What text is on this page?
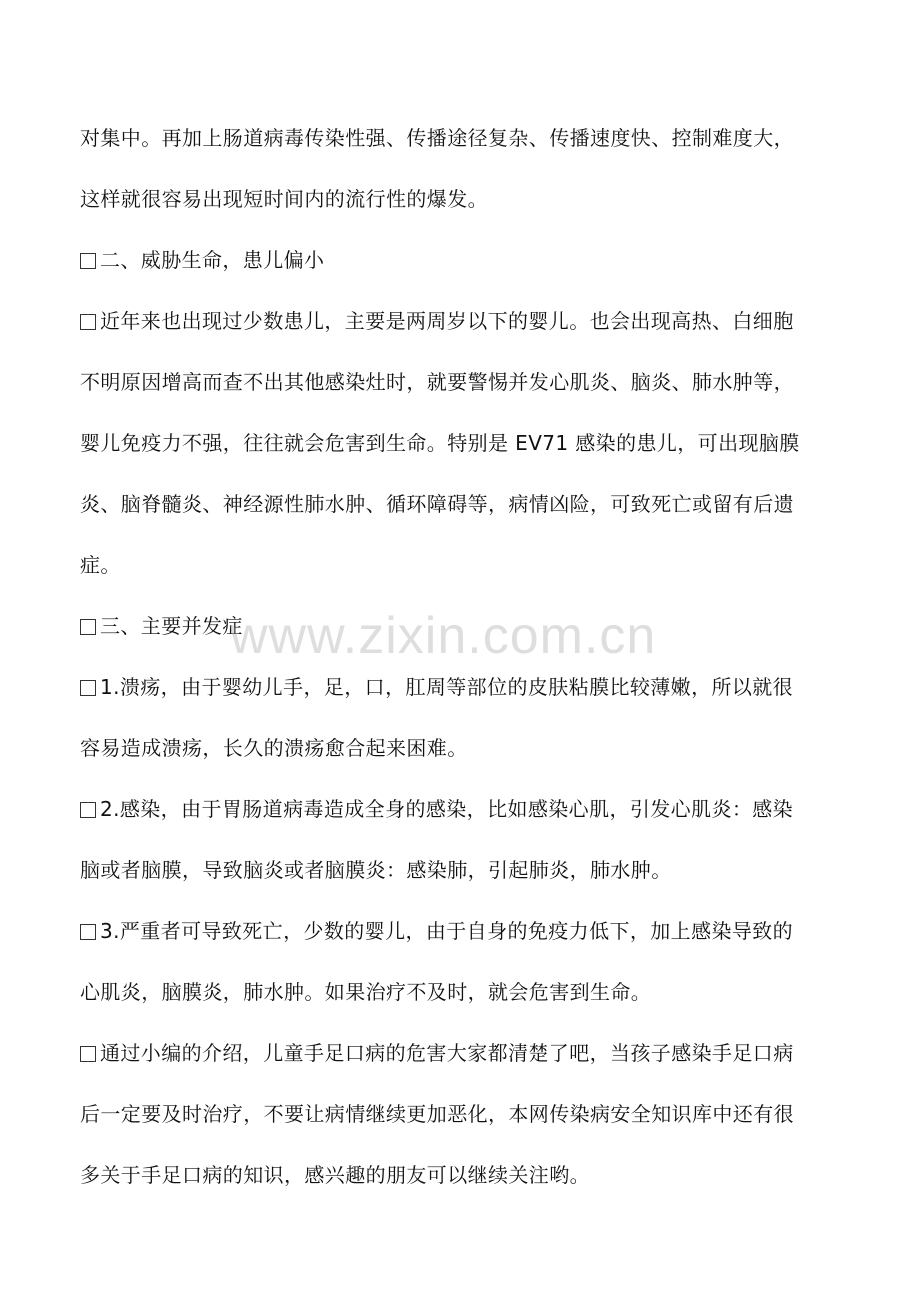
对集中。再加上肠道病毒传染性强、传播途径复杂、传播速度快、控制难度大，
这样就很容易出现短时间内的流行性的爆发。

二、威胁生命，患儿偏小

近年来也出现过少数患儿，主要是两周岁以下的婴儿。也会出现高热、白细胞
不明原因增高而查不出其他感染灶时，就要警惕并发心肌炎、脑炎、肺水肿等，
婴儿免疫力不强，往往就会危害到生命。特别是 EV71 感染的患儿，可出现脑膜
炎、脑脊髓炎、神经源性肺水肿、循环障碍等，病情凶险，可致死亡或留有后遗
症。

三、主要并发症

1.溃疡，由于婴幼儿手，足，口，肛周等部位的皮肤粘膜比较薄嫩，所以就很
容易造成溃疡，长久的溃疡愈合起来困难。

2.感染，由于胃肠道病毒造成全身的感染，比如感染心肌，引发心肌炎：感染
脑或者脑膜，导致脑炎或者脑膜炎：感染肺，引起肺炎，肺水肿。

3.严重者可导致死亡，少数的婴儿，由于自身的免疫力低下，加上感染导致的
心肌炎，脑膜炎，肺水肿。如果治疗不及时，就会危害到生命。

通过小编的介绍，儿童手足口病的危害大家都清楚了吧，当孩子感染手足口病
后一定要及时治疗，不要让病情继续更加恶化，本网传染病安全知识库中还有很
多关于手足口病的知识，感兴趣的朋友可以继续关注哟。

www.zixin.com.cn
